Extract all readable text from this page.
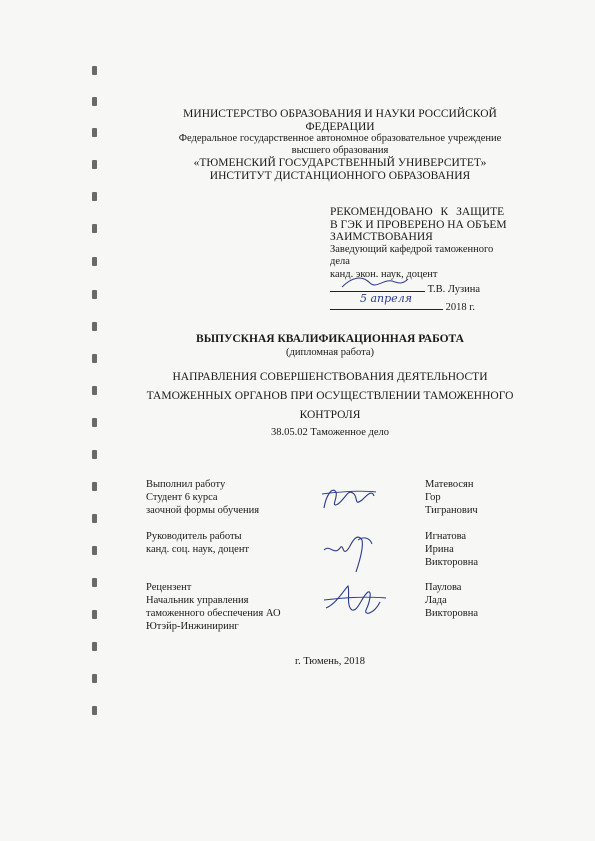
МИНИСТЕРСТВО ОБРАЗОВАНИЯ И НАУКИ РОССИЙСКОЙ
ФЕДЕРАЦИИ
Федеральное государственное автономное образовательное учреждение
высшего образования
«ТЮМЕНСКИЙ ГОСУДАРСТВЕННЫЙ УНИВЕРСИТЕТ»
ИНСТИТУТ ДИСТАНЦИОННОГО ОБРАЗОВАНИЯ
РЕКОМЕНДОВАНО К ЗАЩИТЕ
В ГЭК И ПРОВЕРЕНО НА ОБЪЕМ
ЗАИМСТВОВАНИЯ
Заведующий кафедрой таможенного
дела
канд. экон. наук, доцент
Т.В. Лузина
5 апреля
2018 г.
ВЫПУСКНАЯ КВАЛИФИКАЦИОННАЯ РАБОТА
(дипломная работа)
НАПРАВЛЕНИЯ СОВЕРШЕНСТВОВАНИЯ ДЕЯТЕЛЬНОСТИ
ТАМОЖЕННЫХ ОРГАНОВ ПРИ ОСУЩЕСТВЛЕНИИ ТАМОЖЕННОГО
КОНТРОЛЯ
38.05.02 Таможенное дело
Выполнил работу
Студент 6 курса
заочной формы обучения
Матевосян
Гор
Тигранович
Руководитель работы
канд. соц. наук, доцент
Игнатова
Ирина
Викторовна
Рецензент
Начальник управления
таможенного обеспечения АО
Ютэйр-Инжиниринг
Паулова
Лада
Викторовна
г. Тюмень, 2018
